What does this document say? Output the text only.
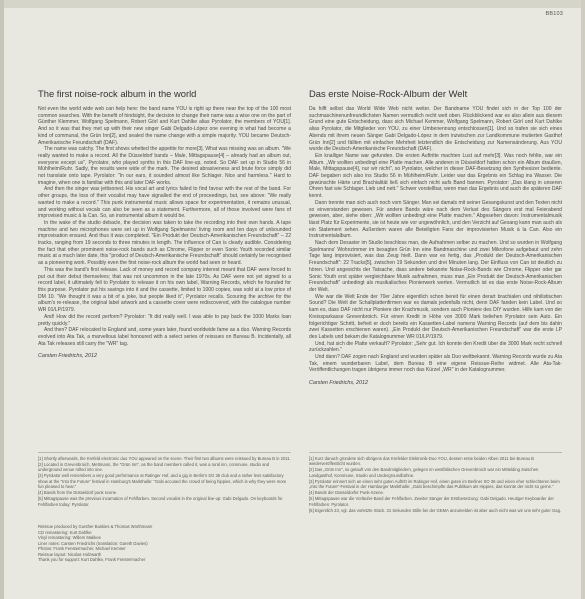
BB103
The first noise-rock album in the world

Not even the world wide web can help here: the band name YOU is right up there near the top of the 100 most common searches. With the benefit of hindsight, the decision to change their name was a wise one on the part of Günther Klemmer, Wolfgang Spelmann, Robert Görl and Kurt Dahlke alias Pyrolator, the members of YOU[1]. And so it was that they met up with their new singer Gabi Delgado-López one evening in what had become a kind of communal, the Grün Inn[2], and sealed the name change with a simple majority. YOU became Deutsch-Amerikanische Freundschaft (DAF).

The name was catchy. The first shows whetted the appetite for more[3]. What was missing was an album. "We really wanted to make a record. All the Düsseldorf bands – Male, Mittagspause[4] – already had an album out, everyone except us", Pyrolator, who played synths in this DAF line-up, noted. So DAF set up in Studio 56 in Mühlheim/Ruhr. Sadly, the results were wide of the mark. The desired abrasiveness and brute force simply did not translate onto tape. Pyrolator: "In our ears, it sounded almost like Schlager. Nice and harmless." Hard to imagine, when one is familiar with this and later DAF works.

And then the singer was jettisoned. His vocal art and lyrics failed to find favour with the rest of the band. For other groups, the loss of their vocalist may have signalled the end of proceedings, but, see above: "We really wanted to make a record." This punk instrumental music allows space for experimentation, it remains unusual, and working without vocals can also be seen as a statement. Furthermore, all of those involved were fans of improvised music à la Can. So, an instrumental album it would be.

In the wake of the studio debacle, the decision was taken to take the recording into their own hands. A tape machine and two microphones were set up in Wolfgang Spelmanns' living room and ten days of unbounded improvisation ensued. And thus it was completed. "Ein Produkt der Deutsch-Amerikanischen Freundschaft" – 22 tracks, ranging from 19 seconds to three minutes in length. The influence of Can is clearly audible. Considering the fact that other prominent noise-rock bands such as Chrome, Flipper or even Sonic Youth recorded similar music at a much later date, this "product of Deutsch-Amerikanische Freundschaft" should certainly be recognised as a pioneering work. Possibly even the first noise-rock album the world had seen or heard.

This was the band's first release. Lack of money and record company interest meant that DAF were forced to put out their debut themselves; that was not uncommon in the late 1970s. As DAF were not yet signed to a record label, it ultimately fell to Pyrolator to release it on his own label, Warning Records, which he founded for this purpose. Pyrolator put his savings into it and the cassette, limited to 1000 copies, was sold at a low price of DM 10. "We thought it was a bit of a joke, but people liked it", Pyrolator recalls. Scouring the archive for the album's re-release, the original label artwork and a cassette cover were rediscovered, with the catalogue number WR 01/LP/1979.

And! How did the record perform? Pyrolator: "It did really well. I was able to pay back the 1000 Marks loan pretty quickly."

And then? DAF relocated to England and, some years later, found worldwide fame as a duo. Warning Records evolved into Ata Tak, a marvellous label honoured with a select series of reissues on Bureau B. Incidentally, all Ata Tak releases still carry the "WR" tag.

Carsten Friedrichs, 2012
Das erste Noise-Rock-Album der Welt

Da hilft selbst das World Wide Web nicht weiter. Der Bandname YOU findet sich in der Top 100 der suchmaschinenunfreundlichsten Namen vermutlich recht weit oben. Rückblickend war es also allein aus diesem Grund eine gute Entscheidung, dass sich Michael Kemmer, Wolfgang Spelmann, Robert Görl und Kurt Dahlke alias Pyrolator, die Mitglieder von YOU, zu einer Umbenennung entschlossen[1]. Und so trafen sie sich eines Abends mit ihrem neuen Sänger Gabi Delgado-López in dem inzwischen zur Landkommune mutierten Gasthof Grün Inn[2] und fällten mit einfacher Mehrheit letztendlich die Entscheidung zur Namensänderung. Aus YOU wurde die Deutsch-Amerikanische Freundschaft (DAF).

Ein knalliger Name war gefunden. Die ersten Auftritte machten Lust auf mehr[3]. Was noch fehlte, war ein Album. „Wir wollten unbedingt eine Platte machen. Alle anderen in Düsseldorf hatten schon ein Album draußen, Male, Mittagspause[4], nur wir nicht", so Pyrolator, welcher in dieser DAF-Besetzung den Synthesizer bediente. DAF begaben sich also ins Studio 56 in Mühlheim/Ruhr. Leider war das Ergebnis ein Schlag ins Wasser. Die gewünschte Härte und Brachialität ließ sich einfach nicht aufs Band bannen. Pyrolator: „Das klang in unseren Ohren fast wie Schlager. Lieb und nett." Schwer vorstellbar, wenn man das Ergebnis und auch die späteren DAF kennt.

Dann trennte man sich auch noch vom Sänger. Man sei damals mit seiner Gesangskunst und den Texten nicht so einverstanden gewesen. Für andere Bands wäre nach dem Verlust des Sängers erst mal Feierabend gewesen, aber, siehe oben: „Wir wollten unbedingt eine Platte machen." Abgesehen davon: Instrumentalmusik lässt Platz für Experimente, sie ist heute wie vor ungewöhnlich, und den Verzicht auf Gesang kann man auch als ein Statement sehen. Außerdem waren alle Beteiligten Fans der improvisierten Musik à la Can. Also ein Instrumentalalbum.

Nach dem Desaster im Studio beschloss man, die Aufnahmen selber zu machen. Und so wurden in Wolfgang Spelmanns' Wohnzimmer im besagten Grün Inn eine Bandmaschine und zwei Mikrofone aufgebaut und zehn Tage lang improvisiert, was das Zeug hielt. Dann war es fertig, das „Produkt der Deutsch-Amerikanischen Freundschaft": 22 Tracks[5], zwischen 19 Sekunden und drei Minuten lang. Der Einfluss von Can ist deutlich zu hören. Und angesichts der Tatsache, dass andere bekannte Noise-Rock-Bands wie Chrome, Flipper oder gar Sonic Youth erst später vergleichbare Musik aufnahmen, muss man „Ein Produkt der Deutsch-Amerikanischen Freundschaft" unbedingt als musikalisches Pionierwerk werten. Vermutlich ist es das erste Noise-Rock-Album der Welt.

Wie war die Welt Ende der 70er Jahre eigentlich schon bereit für einen derart brachialen und nihilistischen Sound? Die Welt der Schallplattenfirmen war es damals jedenfalls nicht, denn DAF fanden kein Label. Und so kam es, dass DAF nicht nur Pioniere der Krachmusik, sondern auch Pioniere des DIY wurden. Hilfe kam von der Kreissparkasse Grevenbroich. Für einen Kredit in Höhe von 3000 Mark beliehen Pyrolator sein Auto. Ein folgerichtiger Schritt, befreit er doch bereits ein Kassetten-Label namens Warning Records (auf dem bis dahin zwei Kassetten erschienen waren). „Ein Produkt der Deutsch-Amerikanischen Freundschaft" war die erste LP des Labels und bekam die Katalognummer WR 01/LP/1979.

Und, hat sich die Platte verkauft? Pyrolator: „Sehr gut. Ich konnte den Kredit über die 3000 Mark recht schnell zurückzahlen."

Und dann? DAF zogen nach England und wurden später als Duo weltbekannt. Warning Records wurde zu Ata Tak, einem wunderbaren Label, dem Bureau B eine eigene Reissue-Reihe widmet. Alle Ata-Tak-Veröffentlichungen tragen übrigens immer noch das Kürzel „WR" in der Katalognummer.

Carsten Friedrichs, 2012
[1] Shortly afterwards, the Krefeld electronic duo YOU appeared on the scene. Their first two albums were reissued by Bureau B in 2011.
[2] Located in Grevenbroich, Mettmann, the "Grün Inn", as the band members called it, was a rural inn, commune, studio and underground venue rolled into one.
[3] Pyrolator well remembers a very good performance at Ratinger Hof, and a gig in Berlin's SO 36 club and a rather less satisfactory show at the "Into the Future" festival in Hamburg's Markthalle: "Gabi accused the crowd of being hippies, which is why they were more fun pleased to hear."
[4] Bands from the Düsseldorf punk scene.
[5] Mittagspause was the previous incarnation of Fehlfarben. Second vocalist in the original line-up: Gabi Delgado. On keyboards for Fehlfarben today: Pyrolator.
[1] Kurz danach gründete sich übrigens das Krefelder Elektronik-Duo YOU, dessen erste beiden Alben 2011 bei Bureau B wiederveröffentlicht wurden.
[2] Das „Grün Inn", so getauft von den Bandmitgliedern, gelegen im westfälischen Grevenbroich war ein Mittelding zwischen Landgasthof, Kommune, Studio und Undergroundbühne.
[3] Pyrolator erinnert sich an einen sehr guten Auftritt im Ratinger Hof, einen guten im Berliner SO 36 und einen eher schlechteren beim „Into the Future"-Festival in der Hamburger Markthalle: „Gabi beschimpfte das Publikum als Hippies, das konnte der nicht so gerne."
[4] Bands der Düsseldorfer Punk-Szene.
[5] Mittagspause war die Vorläufer-Band der Fehlfarben. Zweiter Sänger der Erstbesetzung: Gabi Delgado. Heutiger Keyboarder der Fehlfarben: Pyrolator.
[6] Eigentlich 23, vgl. das vorletzte Stück. 31 Sekunden Stille bei der GEMA anzumelden ist aber auch nicht was wir uns sehr guter Gag.
Reissue produced by Gunther Buskies & Thomas Worthmann
CD remastering: Kurt Dahlke
Vinyl remastering: Willem Makkee
Liner notes: Carsten Friedrichs (translation: Gareth Davies)
Photos: Frank Fenstermacher, Michael Kemner
Reissue layout: Nicolas Holzwarth
Thank you for support: Kurt Dahlke, Frank Fenstermacher
